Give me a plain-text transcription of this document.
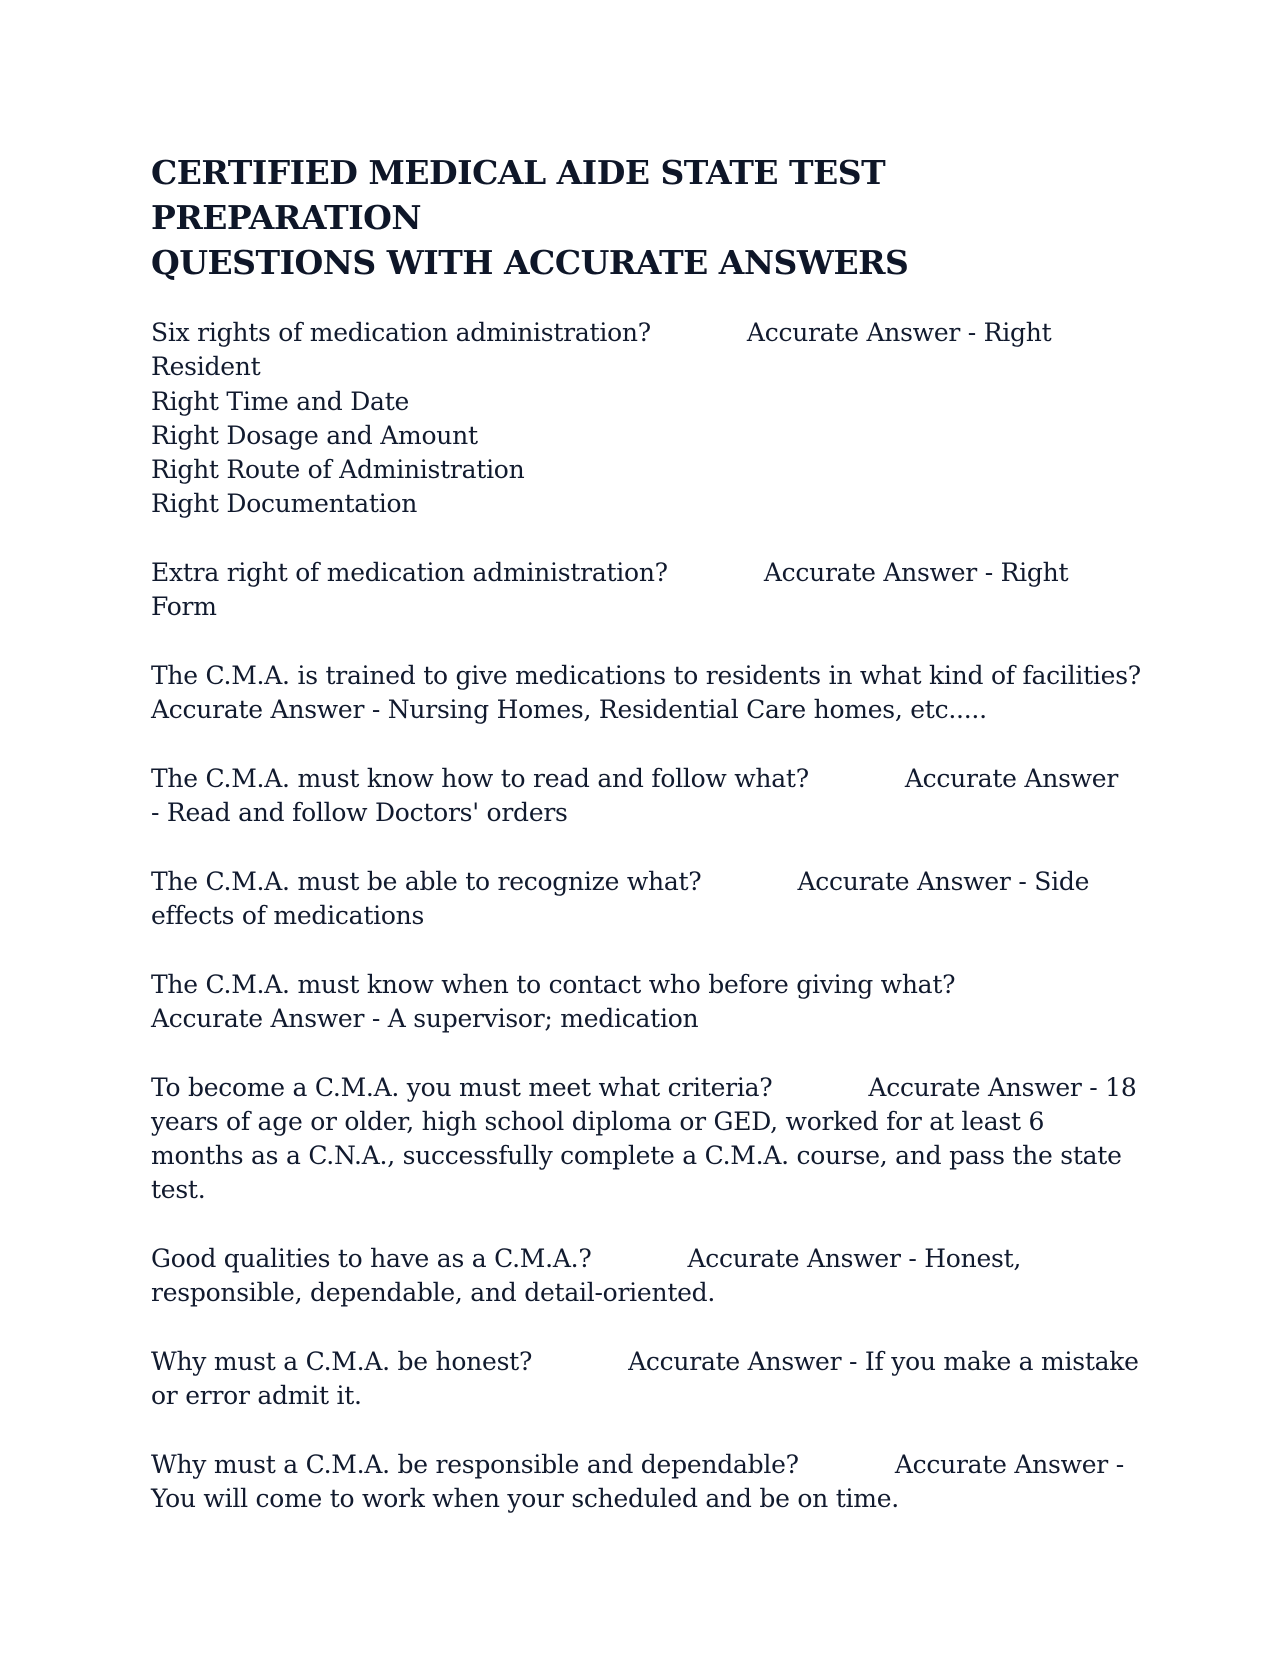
CERTIFIED MEDICAL AIDE STATE TEST PREPARATION
QUESTIONS WITH ACCURATE ANSWERS
Six rights of medication administration?	Accurate Answer - Right

Resident
Right Time and Date
Right Dosage and Amount
Right Route of Administration
Right Documentation
Extra right of medication administration?	Accurate Answer - Right

Form
The C.M.A. is trained to give medications to residents in what kind of facilities?
Accurate Answer - Nursing Homes, Residential Care homes, etc.....
The C.M.A. must know how to read and follow what?	Accurate Answer

- Read and follow Doctors' orders
The C.M.A. must be able to recognize what?	Accurate Answer - Side

effects of medications
The C.M.A. must know when to contact who before giving what?
Accurate Answer - A supervisor; medication
To become a C.M.A. you must meet what criteria?	Accurate Answer - 18

years of age or older, high school diploma or GED, worked for at least 6
months as a C.N.A., successfully complete a C.M.A. course, and pass the state
test.
Good qualities to have as a C.M.A.?	Accurate Answer - Honest,

responsible, dependable, and detail-oriented.
Why must a C.M.A. be honest?	Accurate Answer - If you make a mistake

or error admit it.
Why must a C.M.A. be responsible and dependable?	Accurate Answer -

You will come to work when your scheduled and be on time.
